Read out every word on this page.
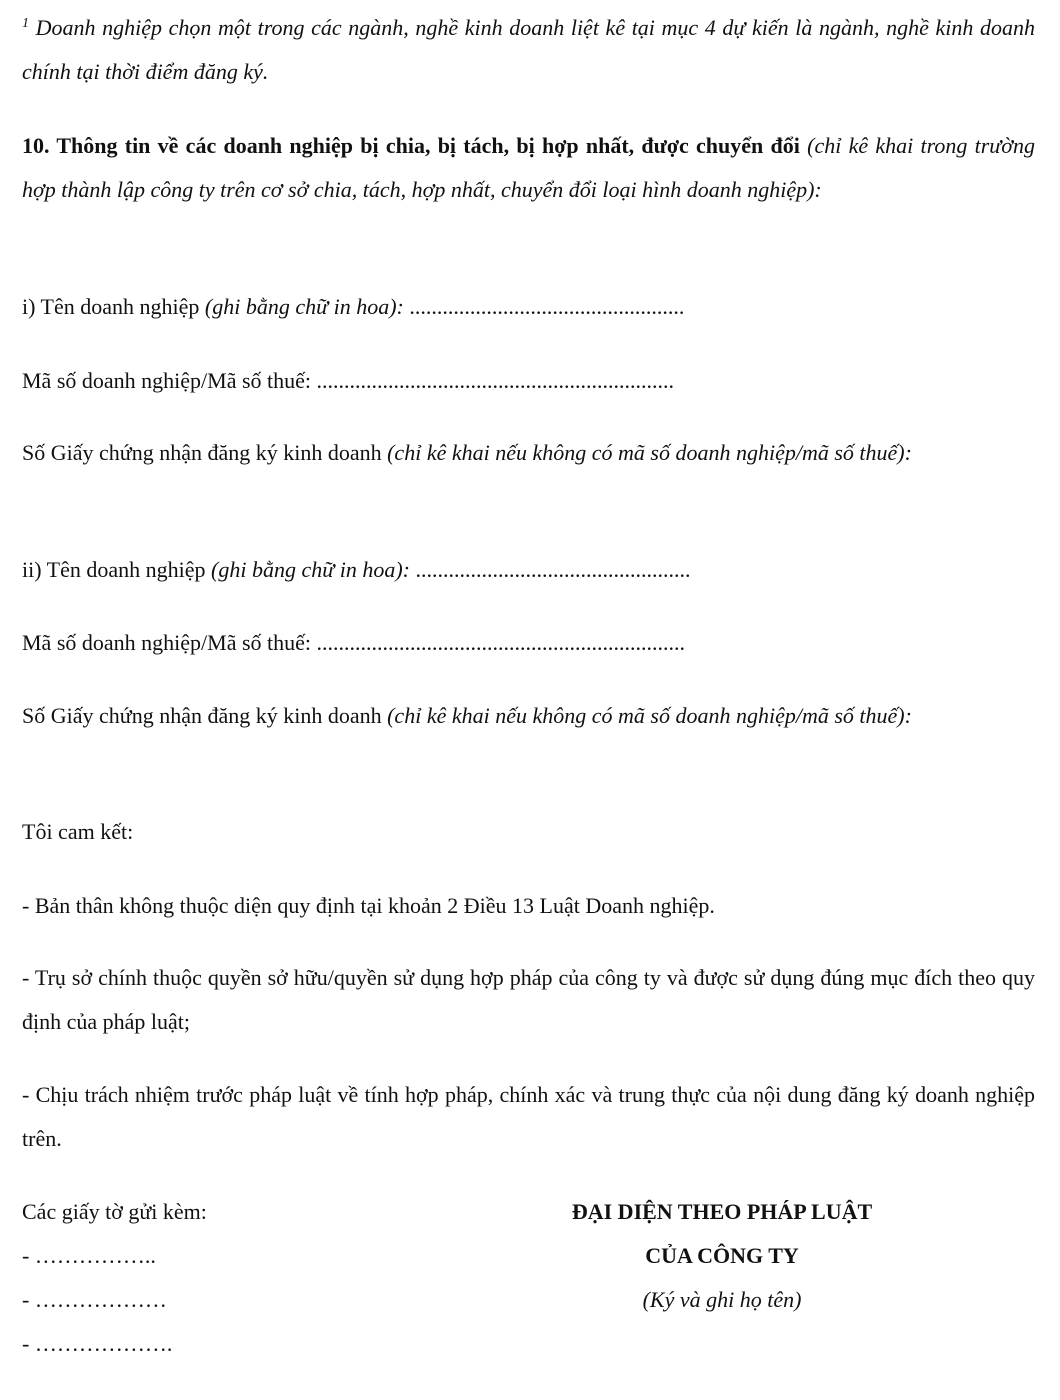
$^1$ Doanh nghiệp chọn một trong các ngành, nghề kinh doanh liệt kê tại mục 4 dự kiến là ngành, nghề kinh doanh chính tại thời điểm đăng ký.

10. Thông tin về các doanh nghiệp bị chia, bị tách, bị hợp nhất, được chuyển đổi (chỉ kê khai trong trường hợp thành lập công ty trên cơ sở chia, tách, hợp nhất, chuyển đổi loại hình doanh nghiệp):

i) Tên doanh nghiệp (ghi bằng chữ in hoa): ..................................................

Mã số doanh nghiệp/Mã số thuế: .................................................................

Số Giấy chứng nhận đăng ký kinh doanh (chỉ kê khai nếu không có mã số doanh nghiệp/mã số thuế):

ii) Tên doanh nghiệp (ghi bằng chữ in hoa): ..................................................

Mã số doanh nghiệp/Mã số thuế: ...................................................................

Số Giấy chứng nhận đăng ký kinh doanh (chỉ kê khai nếu không có mã số doanh nghiệp/mã số thuế):

Tôi cam kết:

- Bản thân không thuộc diện quy định tại khoản 2 Điều 13 Luật Doanh nghiệp.

- Trụ sở chính thuộc quyền sở hữu/quyền sử dụng hợp pháp của công ty và được sử dụng đúng mục đích theo quy định của pháp luật;

- Chịu trách nhiệm trước pháp luật về tính hợp pháp, chính xác và trung thực của nội dung đăng ký doanh nghiệp trên.

Các giấy tờ gửi kèm:
- ……………..
- ………………
- ……………….
ĐẠI DIỆN THEO PHÁP LUẬT
CỦA CÔNG TY
(Ký và ghi họ tên)
